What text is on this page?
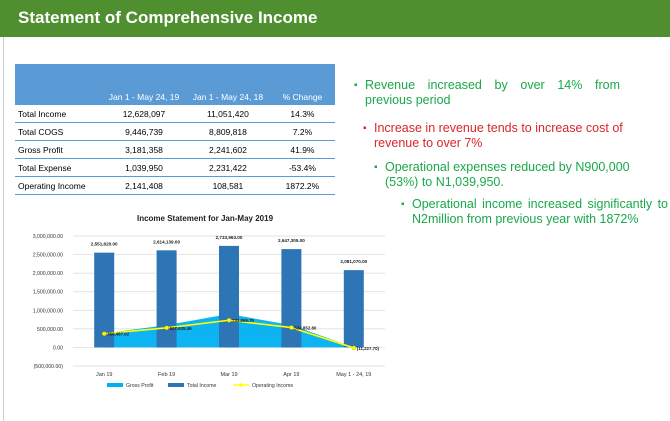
Statement of Comprehensive Income
	Jan 1 - May 24, 19	Jan 1 - May 24, 18	% Change
Total Income	12,628,097	11,051,420	14.3%
Total COGS	9,446,739	8,809,818	7.2%
Gross Profit	3,181,358	2,241,602	41.9%
Total Expense	1,039,950	2,231,422	-53.4%
Operating Income	2,141,408	108,581	1872.2%
▪ Revenue increased by over 14% from previous period
▪ Increase in revenue tends to increase cost of revenue to over 7%
▪ Operational expenses reduced by N900,000 (53%) to N1,039,950.
▪ Operational income increased significantly to N2million from previous year with 1872%
Income Statement for Jan-May 2019
3,000,000.00
2,500,000.00
2,000,000.00
1,500,000.00
1,000,000.00
500,000.00
0.00
(500,000.00)
Jan 19	Feb 19	Mar 19	Apr 19	May 1 - 24, 19
2,551,620.00	2,614,139.00
2,733,963.00
2,647,305.00
2,081,070.00
369,487.62
527,625.49
731,866.75
534,852.80
(11,227.70)
Gross Profit	Total Income	Operating Income
